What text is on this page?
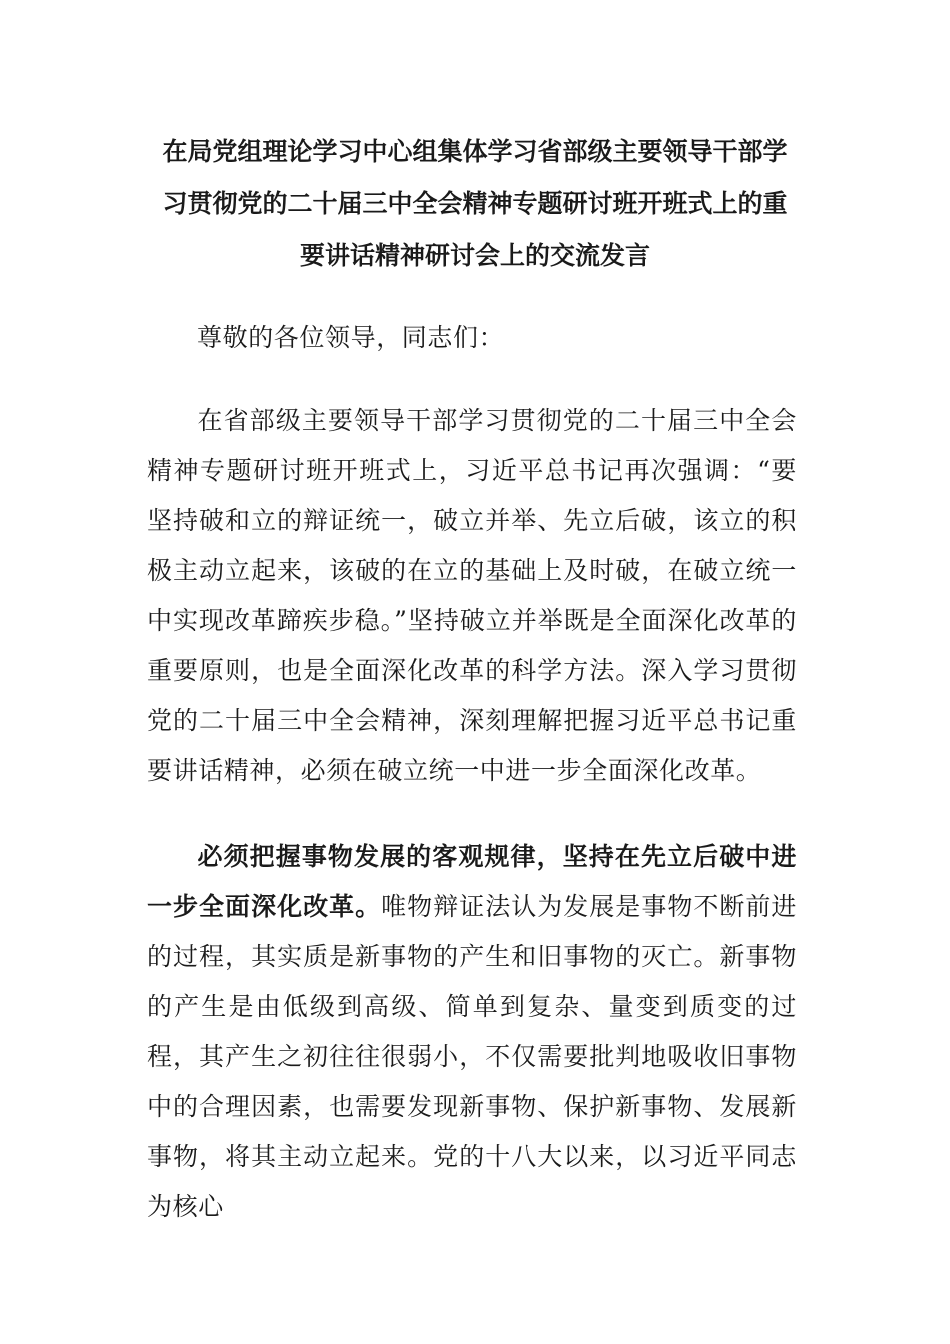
在局党组理论学习中心组集体学习省部级主要领导干部学
习贯彻党的二十届三中全会精神专题研讨班开班式上的重
要讲话精神研讨会上的交流发言

尊敬的各位领导，同志们：

在省部级主要领导干部学习贯彻党的二十届三中全会精神专题研讨班开班式上，习近平总书记再次强调：“要坚持破和立的辩证统一，破立并举、先立后破，该立的积极主动立起来，该破的在立的基础上及时破，在破立统一中实现改革蹄疾步稳。”坚持破立并举既是全面深化改革的重要原则，也是全面深化改革的科学方法。深入学习贯彻党的二十届三中全会精神，深刻理解把握习近平总书记重要讲话精神，必须在破立统一中进一步全面深化改革。

必须把握事物发展的客观规律，坚持在先立后破中进一步全面深化改革。唯物辩证法认为发展是事物不断前进的过程，其实质是新事物的产生和旧事物的灭亡。新事物的产生是由低级到高级、简单到复杂、量变到质变的过程，其产生之初往往很弱小，不仅需要批判地吸收旧事物中的合理因素，也需要发现新事物、保护新事物、发展新事物，将其主动立起来。党的十八大以来，以习近平同志为核心
